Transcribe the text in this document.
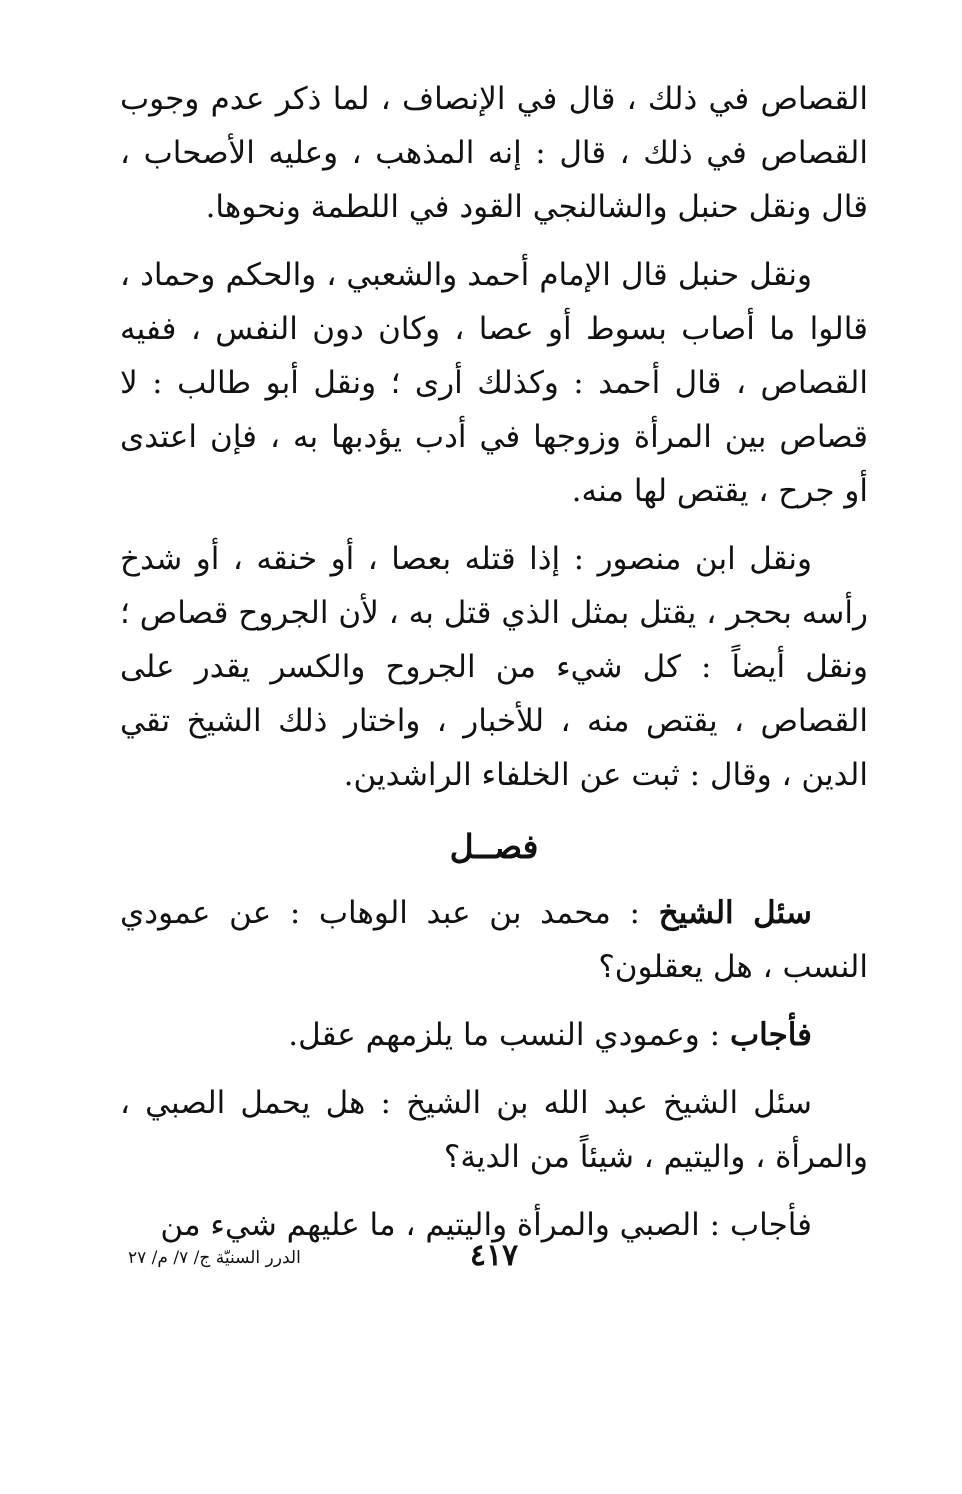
القصاص في ذلك ، قال في الإنصاف ، لما ذكر عدم وجوب القصاص في ذلك ، قال : إنه المذهب ، وعليه الأصحاب ، قال ونقل حنبل والشالنجي القود في اللطمة ونحوها.

ونقل حنبل قال الإمام أحمد والشعبي ، والحكم وحماد ، قالوا ما أصاب بسوط أو عصا ، وكان دون النفس ، ففيه القصاص ، قال أحمد : وكذلك أرى ؛ ونقل أبو طالب : لا قصاص بين المرأة وزوجها في أدب يؤدبها به ، فإن اعتدى أو جرح ، يقتص لها منه.

ونقل ابن منصور : إذا قتله بعصا ، أو خنقه ، أو شدخ رأسه بحجر ، يقتل بمثل الذي قتل به ، لأن الجروح قصاص ؛ ونقل أيضاً : كل شيء من الجروح والكسر يقدر على القصاص ، يقتص منه ، للأخبار ، واختار ذلك الشيخ تقي الدين ، وقال : ثبت عن الخلفاء الراشدين.

فصــل

سئل الشيخ : محمد بن عبد الوهاب : عن عمودي النسب ، هل يعقلون؟

فأجاب : وعمودي النسب ما يلزمهم عقل.

سئل الشيخ عبد الله بن الشيخ : هل يحمل الصبي ، والمرأة ، واليتيم ، شيئاً من الدية؟

فأجاب : الصبي والمرأة واليتيم ، ما عليهم شيء من

٤١٧
الدرر السنيّة ج/ ٧/ م/ ٢٧
